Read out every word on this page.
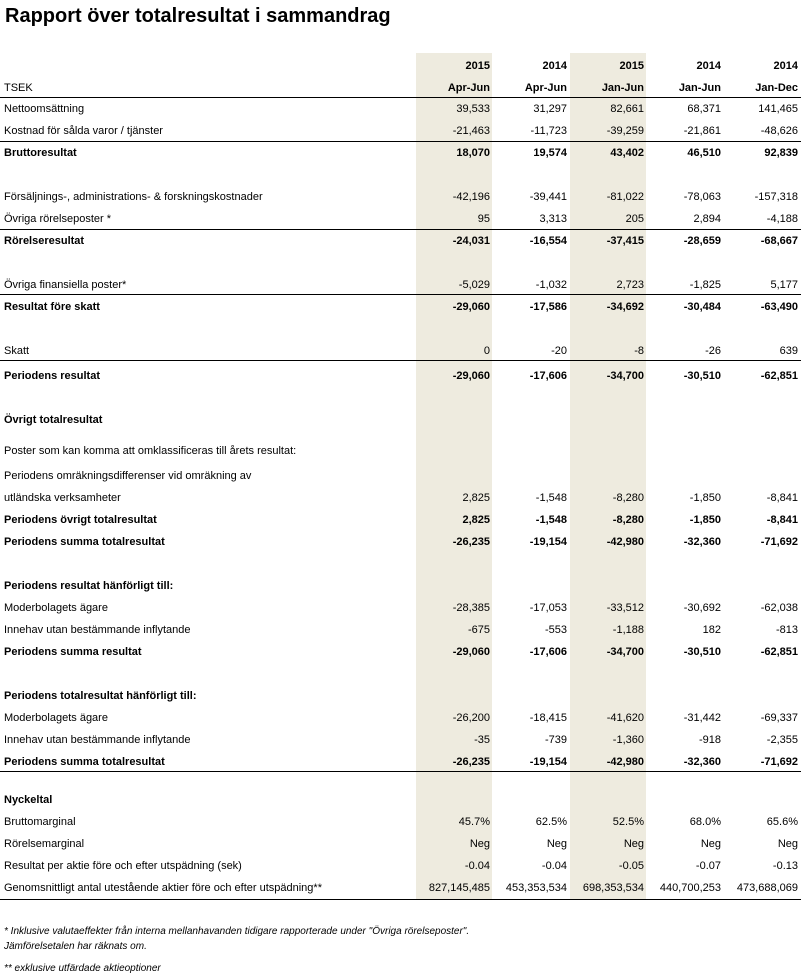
Rapport över totalresultat i sammandrag
2015	2014	2015	2014	2014
TSEK	Apr-Jun	Apr-Jun	Jan-Jun	Jan-Jun	Jan-Dec
Nettoomsättning	39,533	31,297	82,661	68,371	141,465
Kostnad för sålda varor / tjänster	-21,463	-11,723	-39,259	-21,861	-48,626
Bruttoresultat	18,070	19,574	43,402	46,510	92,839
Försäljnings-, administrations- & forskningskostnader	-42,196	-39,441	-81,022	-78,063	-157,318
Övriga rörelseposter *	95	3,313	205	2,894	-4,188
Rörelseresultat	-24,031	-16,554	-37,415	-28,659	-68,667
Övriga finansiella poster*	-5,029	-1,032	2,723	-1,825	5,177
Resultat före skatt	-29,060	-17,586	-34,692	-30,484	-63,490
Skatt	0	-20	-8	-26	639
Periodens resultat	-29,060	-17,606	-34,700	-30,510	-62,851
Övrigt totalresultat
Poster som kan komma att omklassificeras till årets resultat:
Periodens omräkningsdifferenser vid omräkning av
utländska verksamheter	2,825	-1,548	-8,280	-1,850	-8,841
Periodens övrigt totalresultat	2,825	-1,548	-8,280	-1,850	-8,841
Periodens summa totalresultat	-26,235	-19,154	-42,980	-32,360	-71,692
Periodens resultat hänförligt till:
Moderbolagets ägare	-28,385	-17,053	-33,512	-30,692	-62,038
Innehav utan bestämmande inflytande	-675	-553	-1,188	182	-813
Periodens summa resultat	-29,060	-17,606	-34,700	-30,510	-62,851
Periodens totalresultat hänförligt till:
Moderbolagets ägare	-26,200	-18,415	-41,620	-31,442	-69,337
Innehav utan bestämmande inflytande	-35	-739	-1,360	-918	-2,355
Periodens summa totalresultat	-26,235	-19,154	-42,980	-32,360	-71,692
Nyckeltal
Bruttomarginal	45.7%	62.5%	52.5%	68.0%	65.6%
Rörelsemarginal	Neg	Neg	Neg	Neg	Neg
Resultat per aktie före och efter utspädning (sek)	-0.04	-0.04	-0.05	-0.07	-0.13
Genomsnittligt antal utestående aktier före och efter utspädning**	827,145,485	453,353,534	698,353,534	440,700,253	473,688,069
* Inklusive valutaeffekter från interna mellanhavanden tidigare rapporterade under "Övriga rörelseposter".
Jämförelsetalen har räknats om.
** exklusive utfärdade aktieoptioner
